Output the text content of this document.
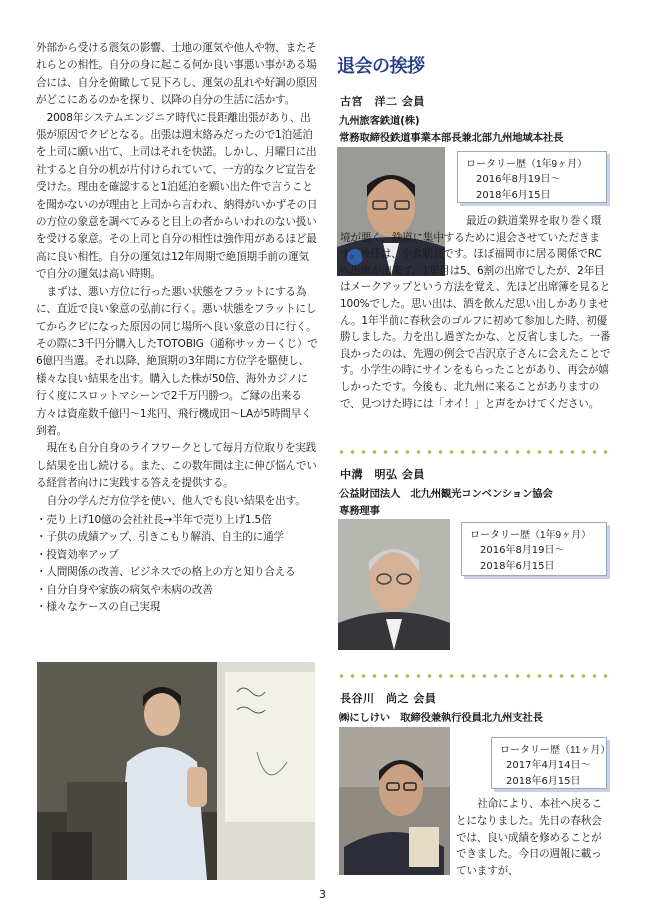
外部から受ける震気の影響、土地の運気や他人や物、またそれらとの相性。自分の身に起こる何か良い事悪い事がある場合には、自分を俯瞰して見下ろし、運気の乱れや好調の原因がどこにあるのかを探り、以降の自分の生活に活かす。

2008年システムエンジニア時代に長距離出張があり、出張が原因でクビとなる。出張は週末絡みだったので1泊延泊を上司に願い出て、上司はそれを快諾。しかし、月曜日に出社すると自分の机が片付けられていて、一方的なクビ宣告を受けた。理由を確認すると1泊延泊を願い出た件で言うことを聞かないのが理由と上司から言われ、納得がいかずその日の方位の象意を調べてみると目上の者からいわれのない扱いを受ける象意。その上司と自分の相性は強作用があるほど最高に良い相性。自分の運気は12年周期で絶頂期手前の運気で自分の運気は高い時期。

まずは、悪い方位に行った悪い状態をフラットにする為に、直近で良い象意の弘前に行く。悪い状態をフラットにしてからクビになった原因の同じ場所へ良い象意の日に行く。その際に3千円分購入したTOTOBIG（通称サッカーくじ）で6億円当選。それ以降、絶頂期の3年間に方位学を駆使し、様々な良い結果を出す。購入した株が50倍、海外カジノに行く度にスロットマシーンで2千万円勝つ。ご縁の出来る方々は資産数千億円～1兆円、飛行機成田～LAが5時間早く到着。

現在も自分自身のライフワークとして毎月方位取りを実践し結果を出し続ける。また、この数年間は主に伸び悩んでいる経営者向けに実践する答えを提供する。

自分の学んだ方位学を使い、他人でも良い結果を出す。

・売り上げ10億の会社社長→半年で売り上げ1.5倍
・子供の成績アップ、引きこもり解消、自主的に通学
・投資効率アップ
・人間関係の改善、ビジネスでの格上の方と知り合える
・自分自身や家族の病気や未病の改善
・様々なケースの自己実現
退会の挨拶
古宮　洋二 会員
九州旅客鉄道(株)
常務取締役鉄道事業本部長兼北部九州地域本社長
ロータリー歴（1年9ヶ月）
2016年8月19日～
2018年6月15日

最近の鉄道業界を取り巻く環境が悪く、鉄道に集中するために退会させていただきます。後任は、小倉駅長です。ほぼ福岡市に居る関係でRCへ出席が出来ず、1年目は5、6割の出席でしたが、2年目はメークアップという方法を覚え、先ほど出席簿を見ると100%でした。思い出は、酒を飲んだ思い出しかありません。1年半前に春秋会のゴルフに初めて参加した時、初優勝しました。力を出し過ぎたかな、と反省しました。一番良かったのは、先週の例会で吉沢京子さんに会えたことです。小学生の時にサインをもらったことがあり、再会が嬉しかったです。今後も、北九州に来ることがありますので、見つけた時には「オイ！」と声をかけてください。

中溝　明弘 会員
公益財団法人　北九州観光コンベンション協会
専務理事
ロータリー歴（1年9ヶ月）
2016年8月19日～
2018年6月15日
長谷川　尚之 会員
㈱にしけい　取締役兼執行役員北九州支社長
ロータリー歴（11ヶ月）
2017年4月14日～
2018年6月15日

社命により、本社へ戻ることになりました。先日の春秋会では、良い成績を修めることができました。今日の週報に載っていますが、

3
